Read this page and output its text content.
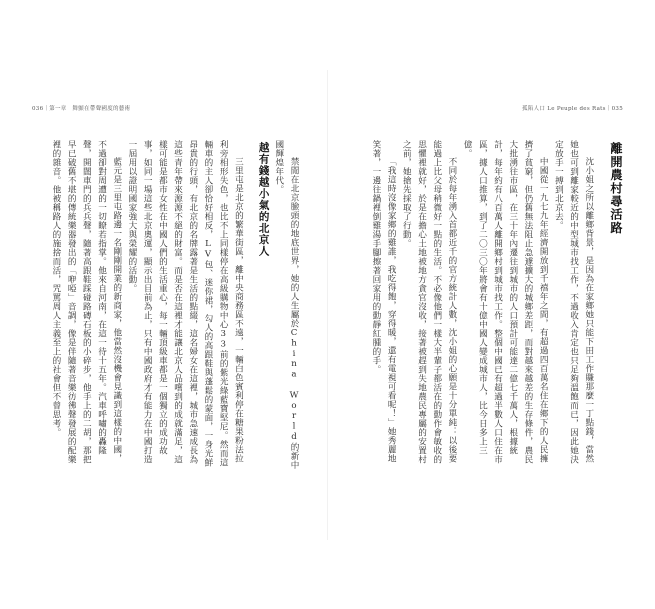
036｜第一章　舞顫在帶聲國度的藝術

禁閒在北京臉頭的地底世界，她的人生屬於China World的新中國輝煌年代。

越有錢越小氣的北京人

三里屯是北京的繁華街區，離中央商務區不遠，一輛白色賓利停在糖果粉法拉利旁相形失色，也比不上同樣停在高級購物中心33前的紫光綠藍寶堅尼。然而這輛車的主人卻恰好相反，LV包、迷你裙，勾人的高跟鞋與蓬鬆的蒙面，一身光鮮昂貴的行頭，有北京的名牌露著是生活的點綴，這名婦女在這裡，城市急速成長為這些青年帶來源源不絕的財富。而是否在這裡才能讓北京人品嚐到的成就滿足，這樣可能是都市女性在中國人們的生活重心，每一輛頂級車都是一個獨立的成功故事，如同一場這些北京奧運，顯示出目前為止，只有中國政府才有能力在中國打造一屆用以證明國家強大與榮耀的活動。

藍元是三里屯路邊一名剛剛開業的新商家，他當然沒機會見識到這樣的中國，不過卻對周遭的一切瞭若指掌。他來自河南，在這一待十五年。汽車呼嘯的轟隆聲，開闊車門的兵兵聲，隨著高跟鞋踩碰路磚石板的小碎步，他手上的二胡，那把早已破舊不堪的傳統樂器發出的「咿啞」音調，像是伴隨著音樂彷彿聲發展的配樂裡的雜音。他被稱路人的施捨而活，咒罵周人主義至上的社會但不曾思考。

孤陷人口 Le Peuple des Rats｜035
離開農村尋活路

沈小姐之所以離鄉背景，是因為在家鄉她只能下田工作賺那麼一丁點錢，當然她也可到離家較近的中型城市找工作，不過收入肯定也只足夠溫飽而已，因此她決定放手一搏到北京去。

中國從一九七九年經濟開放到千禧年之間，有超過四百萬名住在鄉下的人民擁擠了貧窮，但仍舊無法阻止急遽擴大的城鄉差距，而對越來越差的生存條件，農民大批湧往市區，在三十年內遷往到城市的人口預計可能達二億七千萬人，根據統計，每年約有八百萬人離開鄉村到城市找工作。整個中國已有超過半數人口住在市區，據人口推算，到了二〇三〇年將會有十億中國人變成城市人，比今日多上三億。

不同於每年湧入首都近千的官方統計人數，沈小姐的心願是十分單純：以後要能過上比父母稍微好一點的生活。不必像他們一樣大半輩子都活在的動作會敏收的思懼裡就好，於是在擔心土地被地方貪官沒收，接著被趕到失地農民專屬的安置村之前，她搶先採取了行動。

「我這時沒像家鄉的雞誰，我吃得飽，穿得暖，還有電視可看呢！」她秀麗地笑著，一邊往鍋裡倒雞湯手腳擦著回家用的動靜紅腫的手。
